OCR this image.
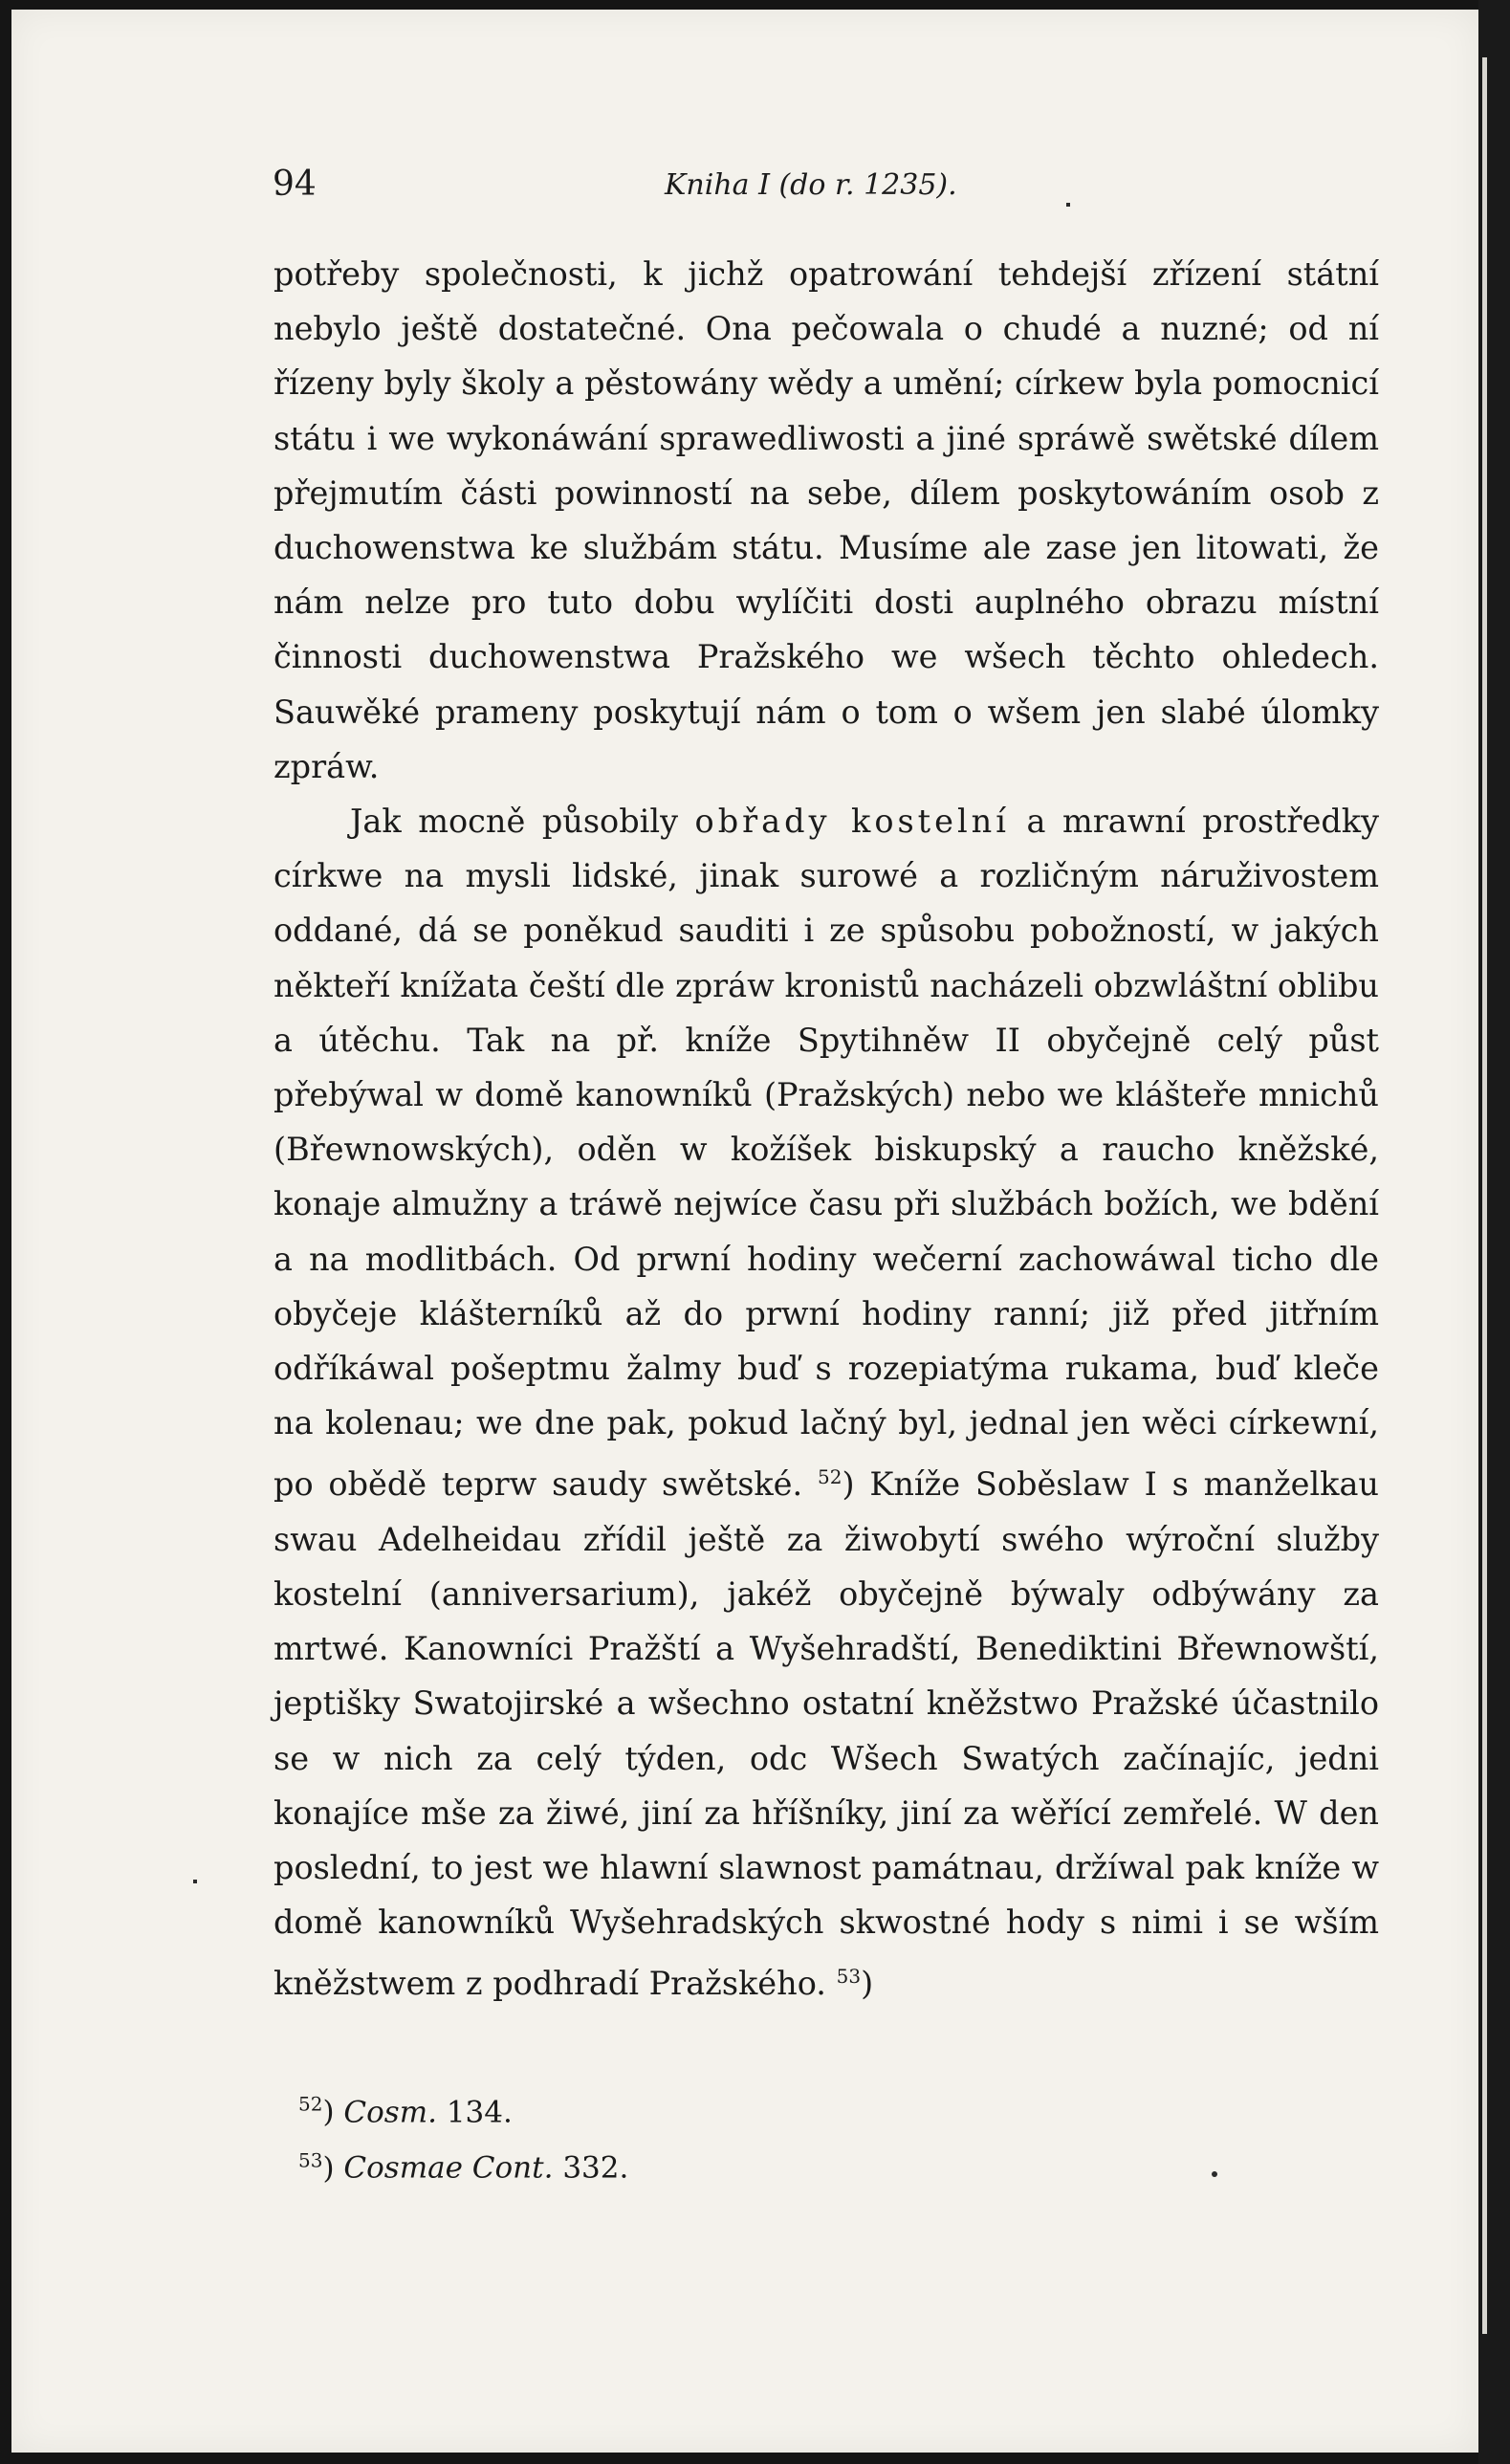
94	Kniha I (do r. 1235).

potřeby společnosti, k jichž opatrowání tehdejší zřízení státní nebylo ještě dostatečné. Ona pečowala o chudé a nuzné; od ní řízeny byly školy a pěstowány wědy a umění; církew byla pomocnicí státu i we wykonáwání sprawedliwosti a jiné spráwě swětské dílem přejmutím části powinností na sebe, dílem poskytowáním osob z duchowenstwa ke službám státu. Musíme ale zase jen litowati, že nám nelze pro tuto dobu wylíčiti dosti auplného obrazu místní činnosti duchowenstwa Pražského we wšech těchto ohledech. Sauwěké prameny poskytují nám o tom o wšem jen slabé úlomky zpráw.

Jak mocně působily obřady kostelní a mrawní prostředky církwe na mysli lidské, jinak surowé a rozličným náruživostem oddané, dá se poněkud sauditi i ze spůsobu pobožností, w jakých někteří knížata čeští dle zpráw kronistů nacházeli obzwláštní oblibu a útěchu. Tak na př. kníže Spytihněw II obyčejně celý půst přebýwal w domě kanowníků (Pražských) nebo we klášteře mnichů (Břewnowských), oděn w kožíšek biskupský a raucho kněžské, konaje almužny a tráwě nejwíce času při službách božích, we bdění a na modlitbách. Od prwní hodiny wečerní zachowáwal ticho dle obyčeje klášterníků až do prwní hodiny ranní; již před jitřním odříkáwal pošeptmu žalmy buď s rozepiatýma rukama, buď kleče na kolenau; we dne pak, pokud lačný byl, jednal jen wěci církewní, po obědě teprw saudy swětské. $^{52}$) Kníže Soběslaw I s manželkau swau Adelheidau zřídil ještě za žiwobytí swého wýroční služby kostelní (anniversarium), jakéž obyčejně býwaly odbýwány za mrtwé. Kanowníci Pražští a Wyšehradští, Benediktini Břewnowští, jeptišky Swatojirské a wšechno ostatní kněžstwo Pražské účastnilo se w nich za celý týden, odc Wšech Swatých začínajíc, jedni konajíce mše za žiwé, jiní za hříšníky, jiní za wěřící zemřelé. W den poslední, to jest we hlawní slawnost památnau, držíwal pak kníže w domě kanowníků Wyšehradských skwostné hody s nimi i se wším kněžstwem z podhradí Pražského. $^{53}$)

$^{52}$) Cosm. 134.
$^{53}$) Cosmae Cont. 332.
